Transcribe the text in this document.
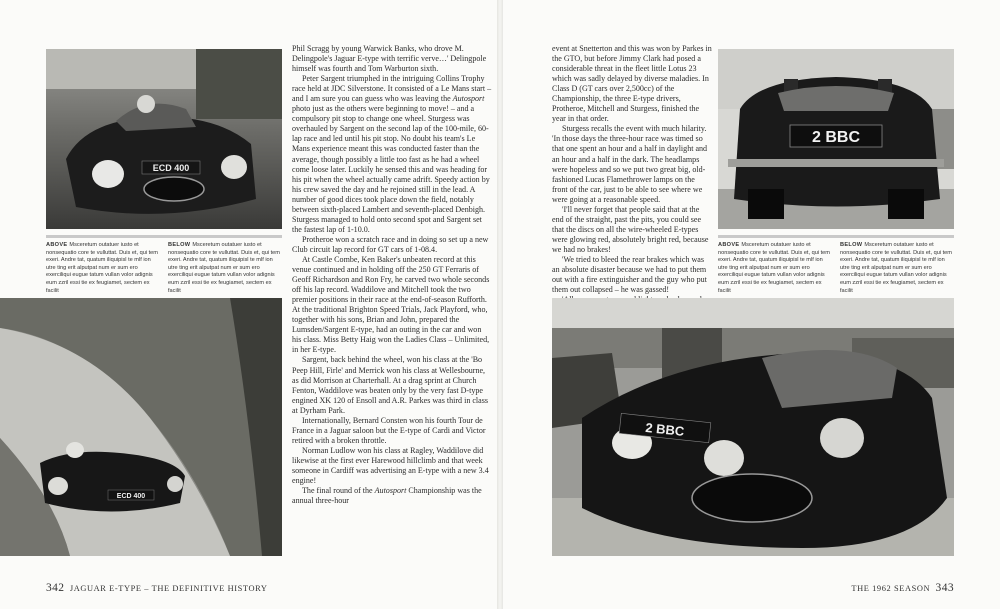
ECD 400
ABOVE Msceretum outatuer iusto et nonsequatio core te vulluttat. Duis et, qui tem exeri. Andre tat, quatum iliquipisl te mlf ion utre ting erit alputpat num er sum ero exerciliqui eugue tatum vullan volor adignis eum zzril essi tie ex feugiamet, sectem ex facilit
BELOW Msceretum outatuer iusto et nonsequatio core te vulluttat. Duis et, qui tem exeri. Andre tat, quatum iliquipisl te mlf ion utre ting erit alputpat num er sum ero exerciliqui eugue tatum vullan volor adignis eum zzril essi tie ex feugiamet, sectem ex facilit
ECD 400

Phil Scragg by young Warwick Banks, who drove M. Delingpole's Jaguar E-type with terrific verve…' Delingpole himself was fourth and Tom Warburton sixth.

Peter Sargent triumphed in the intriguing Collins Trophy race held at JDC Silverstone. It consisted of a Le Mans start – and I am sure you can guess who was leaving the Autosport photo just as the others were beginning to move! – and a compulsory pit stop to change one wheel. Sturgess was overhauled by Sargent on the second lap of the 100-mile, 60-lap race and led until his pit stop. No doubt his team's Le Mans experience meant this was conducted faster than the average, though possibly a little too fast as he had a wheel come loose later. Luckily he sensed this and was heading for his pit when the wheel actually came adrift. Speedy action by his crew saved the day and he rejoined still in the lead. A number of good dices took place down the field, notably between sixth-placed Lambert and seventh-placed Denbigh. Sturgess managed to hold onto second spot and Sargent set the fastest lap of 1-10.0.

Protheroe won a scratch race and in doing so set up a new Club circuit lap record for GT cars of 1-08.4.

At Castle Combe, Ken Baker's unbeaten record at this venue continued and in holding off the 250 GT Ferraris of Geoff Richardson and Ron Fry, he carved two whole seconds off his lap record. Waddilove and Mitchell took the two premier positions in their race at the end-of-season Rufforth. At the traditional Brighton Speed Trials, Jack Playford, who, together with his sons, Brian and John, prepared the Lumsden/Sargent E-type, had an outing in the car and won his class. Miss Betty Haig won the Ladies Class – Unlimited, in her E-type.

Sargent, back behind the wheel, won his class at the 'Bo Peep Hill, Firle' and Merrick won his class at Wellesbourne, as did Morrison at Charterhall. At a drag sprint at Church Fenton, Waddilove was beaten only by the very fast D-type engined XK 120 of Ensoll and A.R. Parkes was third in class at Dyrham Park.

Internationally, Bernard Consten won his fourth Tour de France in a Jaguar saloon but the E-type of Cardi and Victor retired with a broken throttle.

Norman Ludlow won his class at Ragley, Waddilove did likewise at the first ever Harewood hillclimb and that week someone in Cardiff was advertising an E-type with a new 3.4 engine!

The final round of the Autosport Championship was the annual three-hour

event at Snetterton and this was won by Parkes in the GTO, but before Jimmy Clark had posed a considerable threat in the fleet little Lotus 23 which was sadly delayed by diverse maladies. In Class D (GT cars over 2,500cc) of the Championship, the three E-type drivers, Protheroe, Mitchell and Sturgess, finished the year in that order.

Sturgess recalls the event with much hilarity. 'In those days the three-hour race was timed so that one spent an hour and a half in daylight and an hour and a half in the dark. The headlamps were hopeless and so we put two great big, old-fashioned Lucas Flamethrower lamps on the front of the car, just to be able to see where we were going at a reasonable speed.

'I'll never forget that people said that at the end of the straight, past the pits, you could see that the discs on all the wire-wheeled E-types were glowing red, absolutely bright red, because we had no brakes!

'We tried to bleed the rear brakes which was an absolute disaster because we had to put them out with a fire extinguisher and the guy who put them out collapsed – he was gassed!

2 BBC
ABOVE Msceretum outatuer iusto et nonsequatio core te vulluttat. Duis et, qui tem exeri. Andre tat, quatum iliquipisl te mlf ion utre ting erit alputpat num er sum ero exerciliqui eugue tatum vullan volor adignis eum zzril essi tie ex feugiamet, sectem ex facilit
BELOW Msceretum outatuer iusto et nonsequatio core te vulluttat. Duis et, qui tem exeri. Andre tat, quatum iliquipisl te mlf ion utre ting erit alputpat num er sum ero exerciliqui eugue tatum vullan volor adignis eum zzril essi tie ex feugiamet, sectem ex facilit
2 BBC
342 JAGUAR E-TYPE – THE DEFINITIVE HISTORY	THE 1962 SEASON 343
